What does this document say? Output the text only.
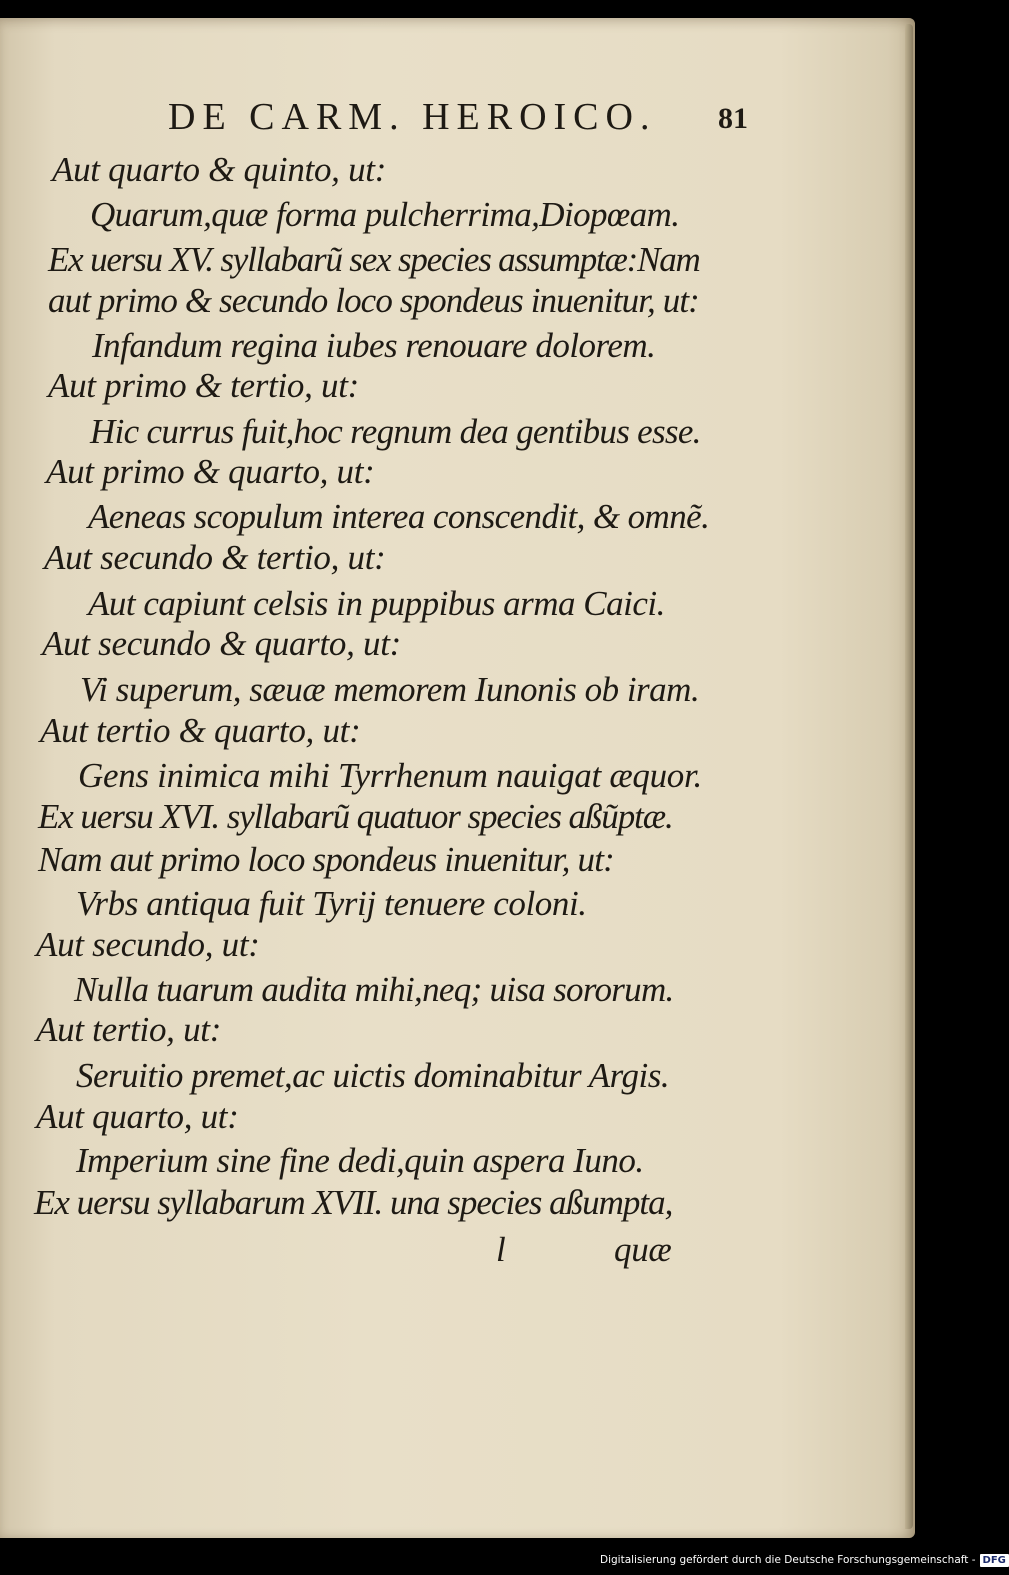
DE CARM. HEROICO. 81
Aut quarto & quinto, ut:
Quarum,quæ forma pulcherrima,Diopœam.
Ex uersu XV. syllabarũ sex species assumptæ:Nam
aut primo & secundo loco spondeus inuenitur, ut:
Infandum regina iubes renouare dolorem.
Aut primo & tertio, ut:
Hic currus fuit,hoc regnum dea gentibus esse.
Aut primo & quarto, ut:
Aeneas scopulum interea conscendit, & omnẽ.
Aut secundo & tertio, ut:
Aut capiunt celsis in puppibus arma Caici.
Aut secundo & quarto, ut:
Vi superum, sæuæ memorem Iunonis ob iram.
Aut tertio & quarto, ut:
Gens inimica mihi Tyrrhenum nauigat æquor.
Ex uersu XVI. syllabarũ quatuor species aßũptæ.
Nam aut primo loco spondeus inuenitur, ut:
Vrbs antiqua fuit Tyrij tenuere coloni.
Aut secundo, ut:
Nulla tuarum audita mihi,neq; uisa sororum.
Aut tertio, ut:
Seruitio premet,ac uictis dominabitur Argis.
Aut quarto, ut:
Imperium sine fine dedi,quin aspera Iuno.
Ex uersu syllabarum XVII. una species aßumpta,
l	quæ
Digitalisierung gefördert durch die Deutsche Forschungsgemeinschaft - DFG
